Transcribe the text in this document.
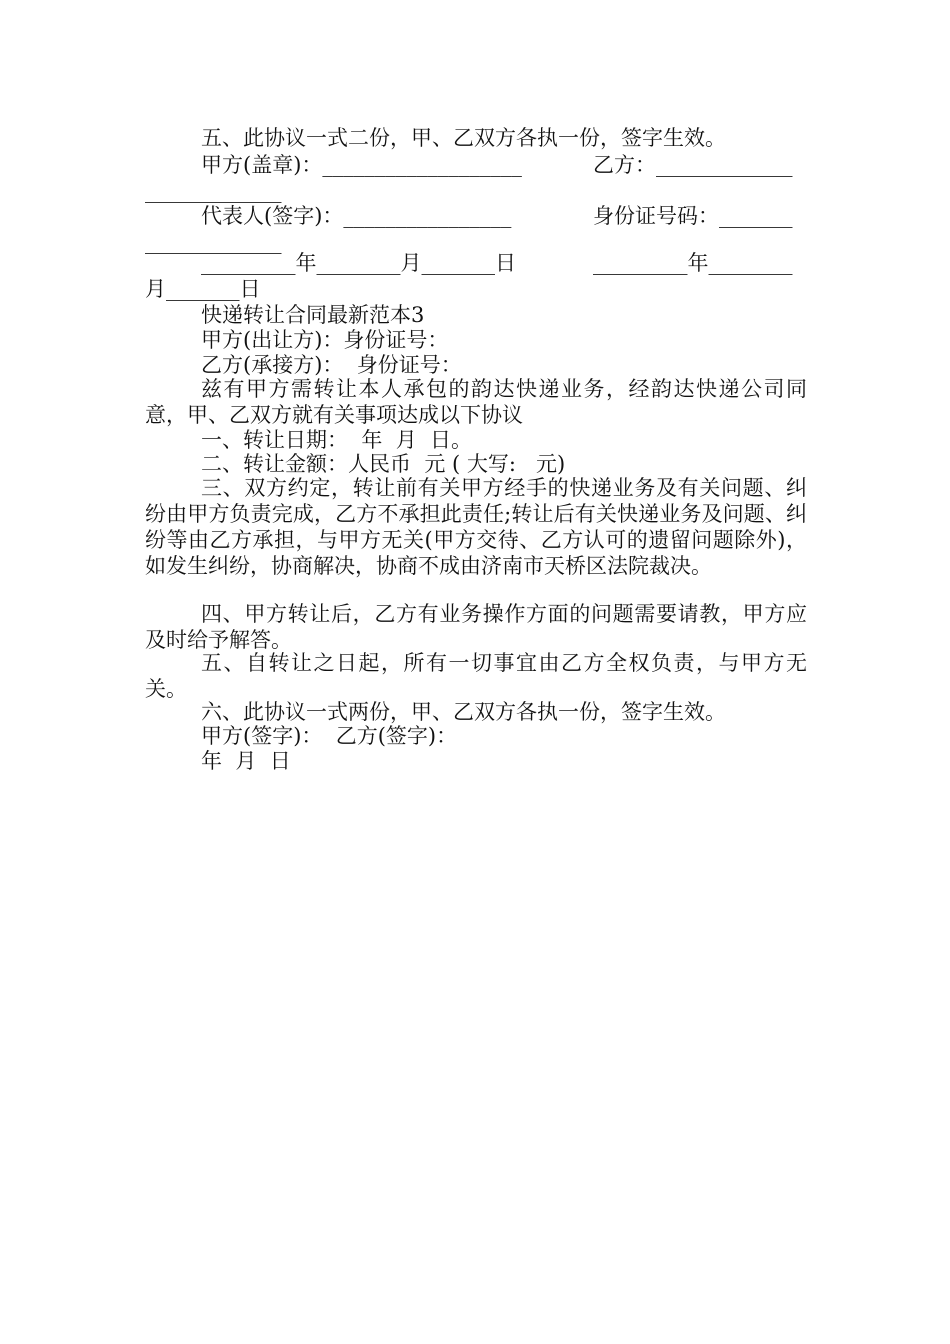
五、此协议一式二份，甲、乙双方各执一份，签字生效。
甲方(盖章)：___________________	乙方：_____________
_____________
代表人(签字)：________________	身份证号码：_______
_____________
_________年________月_______日	_________年________
月_______日
快递转让合同最新范本3
甲方(出让方)：身份证号：
乙方(承接方)：  身份证号：
兹有甲方需转让本人承包的韵达快递业务，经韵达快递公司同意，甲、乙双方就有关事项达成以下协议
一、转让日期：  年  月  日。
二、转让金额：人民币  元 ( 大写:   元)
三、双方约定，转让前有关甲方经手的快递业务及有关问题、纠纷由甲方负责完成，乙方不承担此责任;转让后有关快递业务及问题、纠纷等由乙方承担，与甲方无关(甲方交待、乙方认可的遗留问题除外)，如发生纠纷，协商解决，协商不成由济南市天桥区法院裁决。
四、甲方转让后，乙方有业务操作方面的问题需要请教，甲方应及时给予解答。
五、自转让之日起，所有一切事宜由乙方全权负责，与甲方无关。
六、此协议一式两份，甲、乙双方各执一份，签字生效。
甲方(签字)：  乙方(签字)：
年  月  日
